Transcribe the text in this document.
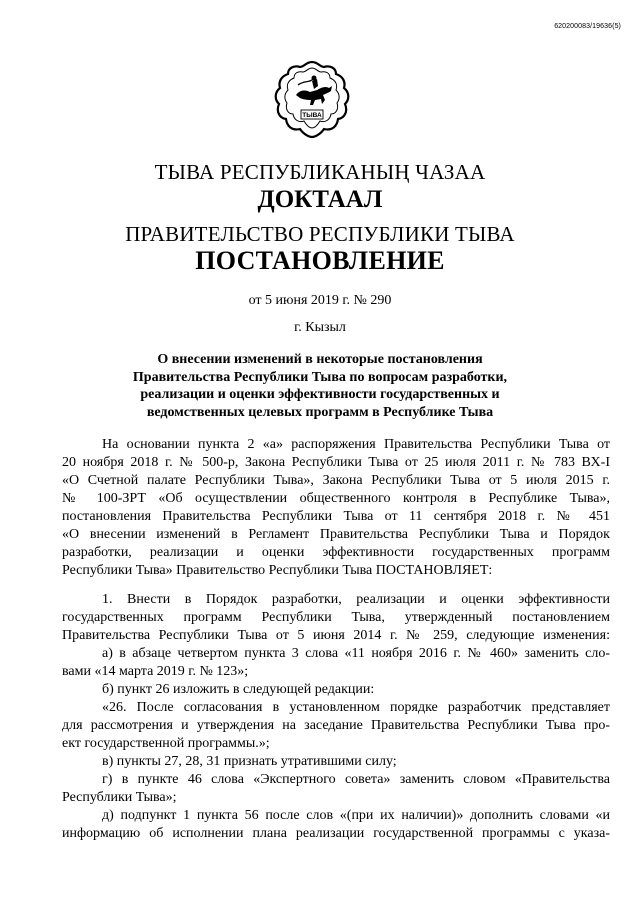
620200083/19636(5)
ТЫВА
ТЫВА РЕСПУБЛИКАНЫҢ ЧАЗАА
ДОКТААЛ
ПРАВИТЕЛЬСТВО РЕСПУБЛИКИ ТЫВА
ПОСТАНОВЛЕНИЕ
от 5 июня 2019 г. № 290
г. Кызыл
О внесении изменений в некоторые постановления
Правительства Республики Тыва по вопросам разработки,
реализации и оценки эффективности государственных и
ведомственных целевых программ в Республике Тыва
На основании пункта 2 «а» распоряжения Правительства Республики Тыва от
20 ноября 2018 г. № 500-р, Закона Республики Тыва от 25 июля 2011 г. № 783 ВХ-I
«О Счетной палате Республики Тыва», Закона Республики Тыва от 5 июля 2015 г.
№ 100-ЗРТ «Об осуществлении общественного контроля в Республике Тыва»,
постановления Правительства Республики Тыва от 11 сентября 2018 г. № 451
«О внесении изменений в Регламент Правительства Республики Тыва и Порядок
разработки, реализации и оценки эффективности государственных программ
Республики Тыва» Правительство Республики Тыва ПОСТАНОВЛЯЕТ:
1. Внести в Порядок разработки, реализации и оценки эффективности
государственных программ Республики Тыва, утвержденный постановлением
Правительства Республики Тыва от 5 июня 2014 г. № 259, следующие изменения:
а) в абзаце четвертом пункта 3 слова «11 ноября 2016 г. № 460» заменить сло-
вами «14 марта 2019 г. № 123»;
б) пункт 26 изложить в следующей редакции:
«26. После согласования в установленном порядке разработчик представляет
для рассмотрения и утверждения на заседание Правительства Республики Тыва про-
ект государственной программы.»;
в) пункты 27, 28, 31 признать утратившими силу;
г) в пункте 46 слова «Экспертного совета» заменить словом «Правительства
Республики Тыва»;
д) подпункт 1 пункта 56 после слов «(при их наличии)» дополнить словами «и
информацию об исполнении плана реализации государственной программы с указа-
